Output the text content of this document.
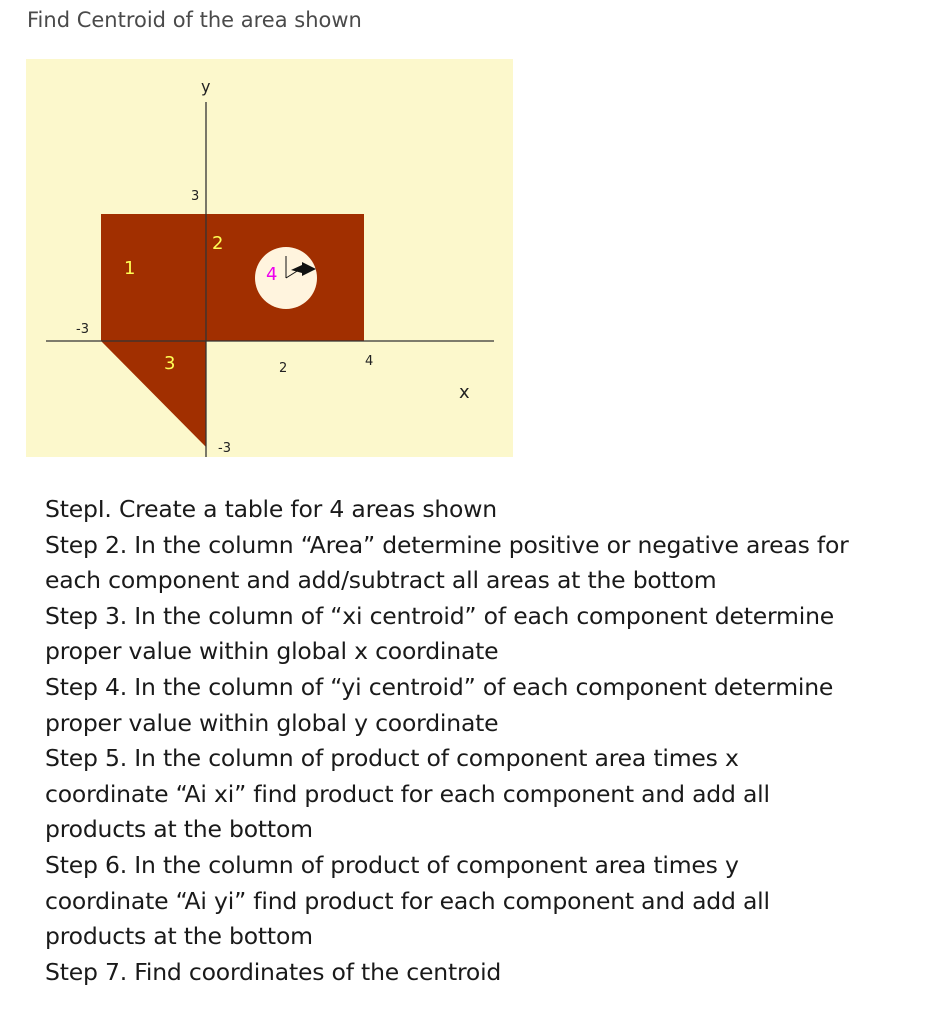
Find Centroid of the area shown
y
x
3
-3
2	4
-3
1
2
3
4
StepI. Create a table for 4 areas shown
Step 2. In the column “Area” determine positive or negative areas for
each component and add/subtract all areas at the bottom
Step 3. In the column of “xi centroid” of each component determine
proper value within global x coordinate
Step 4. In the column of “yi centroid” of each component determine
proper value within global y coordinate
Step 5. In the column of product of component area times x
coordinate “Ai xi” find product for each component and add all
products at the bottom
Step 6. In the column of product of component area times y
coordinate “Ai yi” find product for each component and add all
products at the bottom
Step 7. Find coordinates of the centroid
